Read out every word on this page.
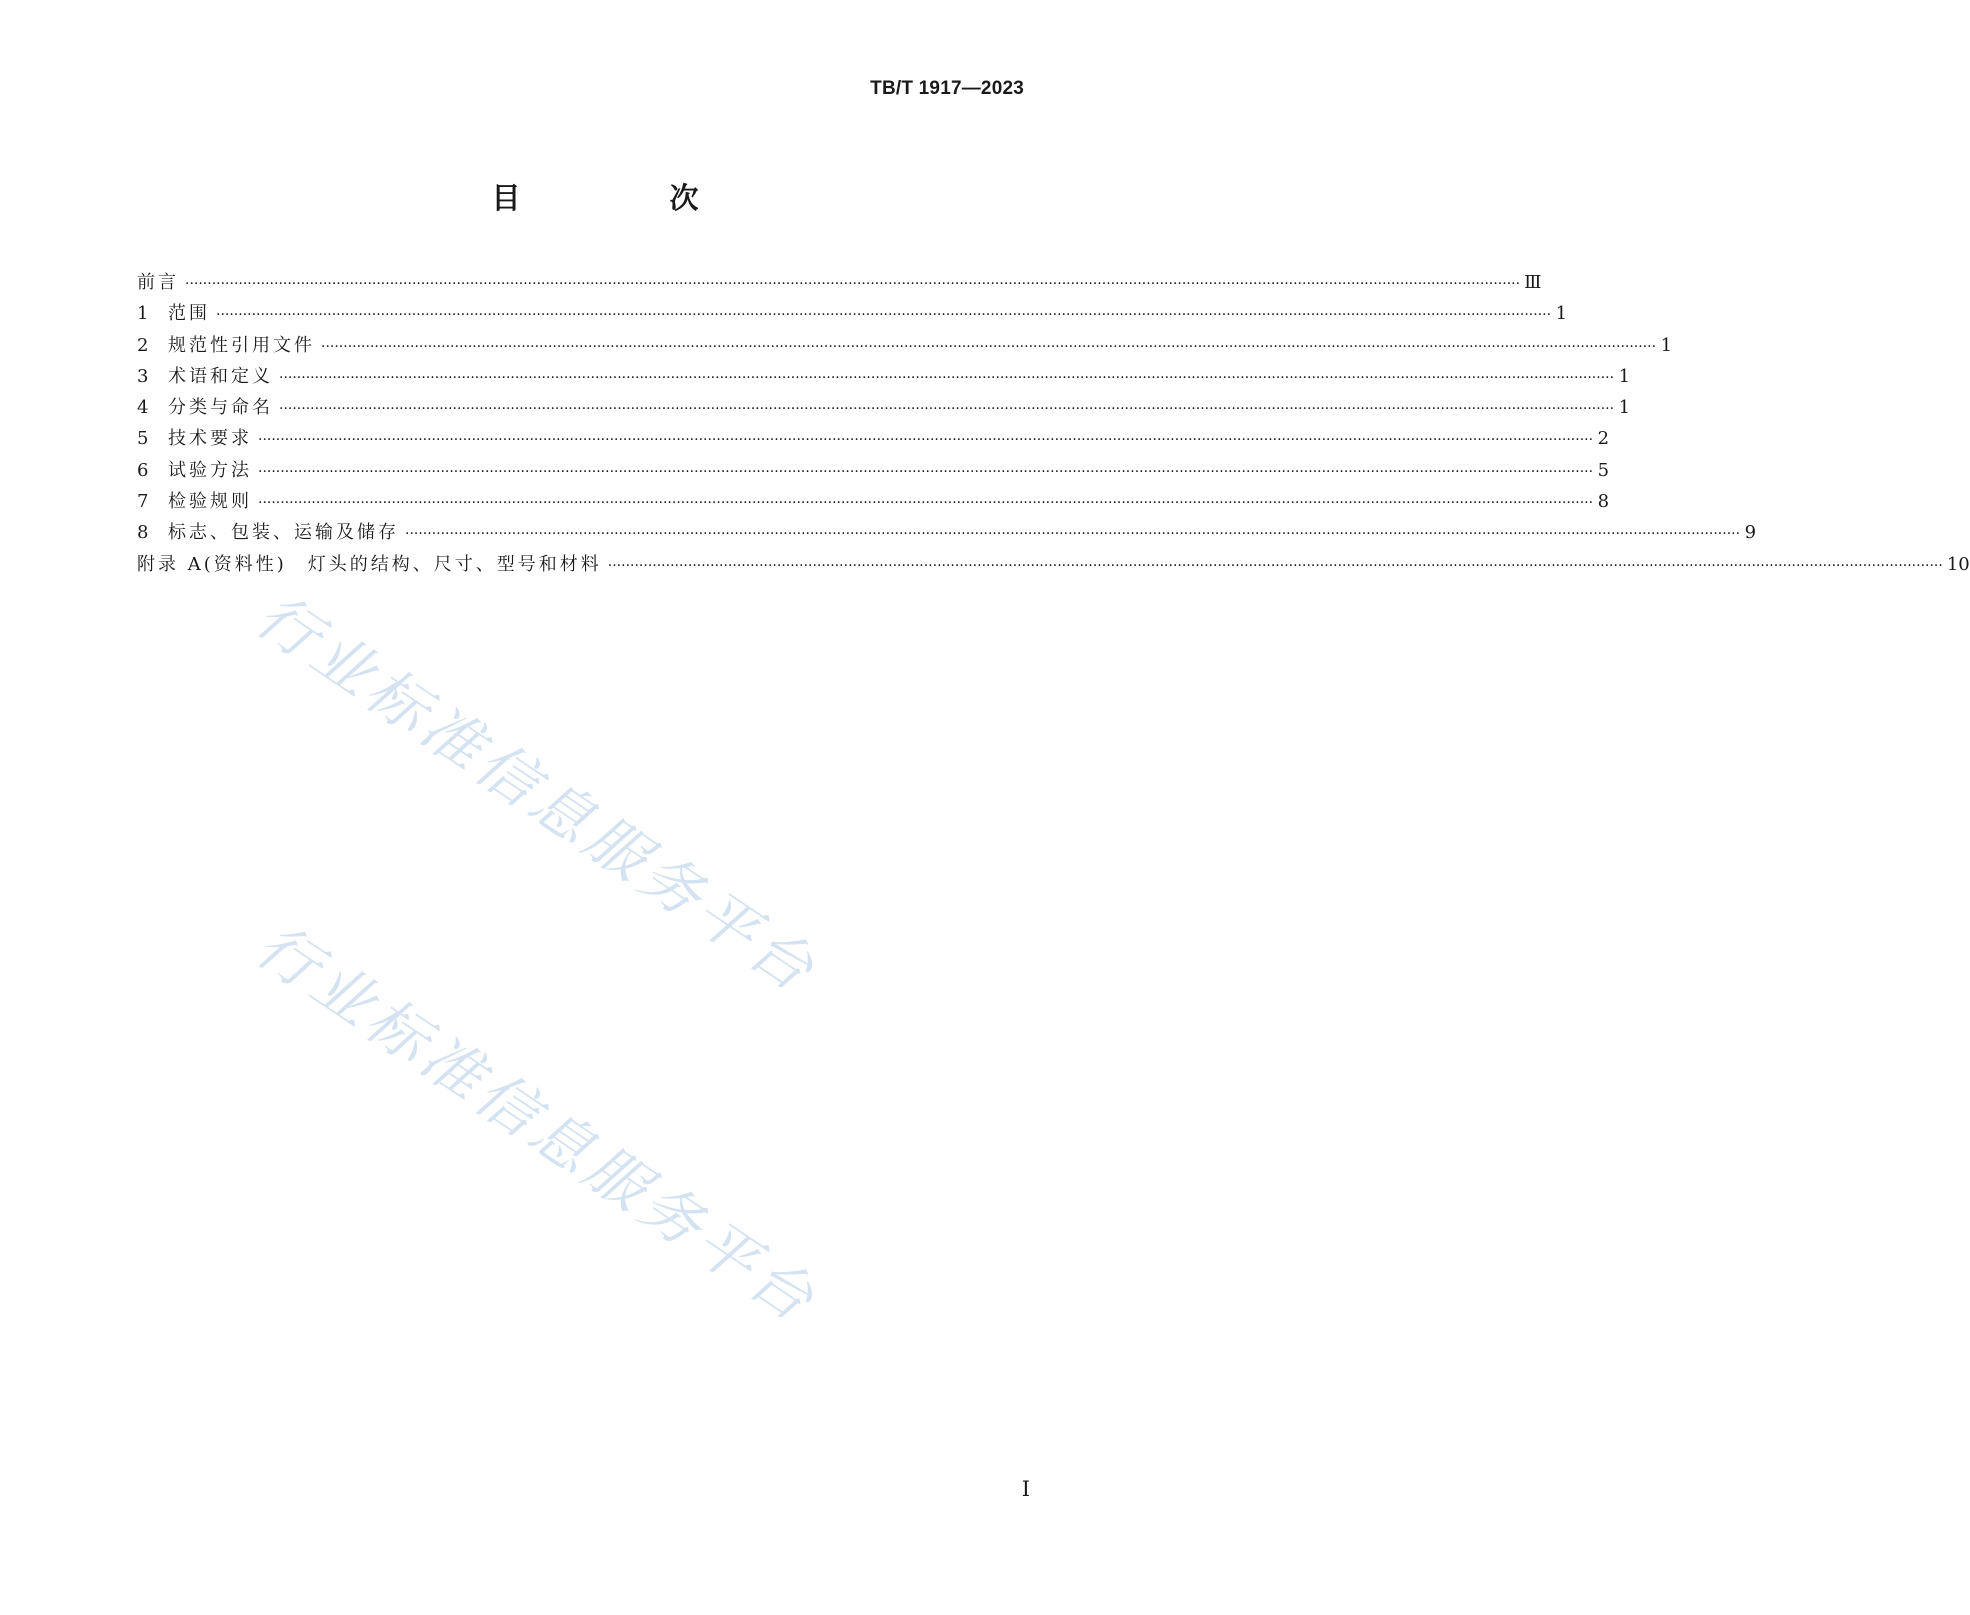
TB/T 1917—2023
目　次
前言 ············································································································································································································································································································ Ⅲ
1 范围 ············································································································································································································································································································ 1
2 规范性引用文件 ············································································································································································································································································································ 1
3 术语和定义 ············································································································································································································································································································ 1
4 分类与命名 ············································································································································································································································································································ 1
5 技术要求 ············································································································································································································································································································ 2
6 试验方法 ············································································································································································································································································································ 5
7 检验规则 ············································································································································································································································································································ 8
8 标志、包装、运输及储存 ············································································································································································································································································································ 9
附录 A(资料性)　灯头的结构、尺寸、型号和材料 ············································································································································································································································································································ 10
Ⅰ
行业标准信息服务平台
行业标准信息服务平台
